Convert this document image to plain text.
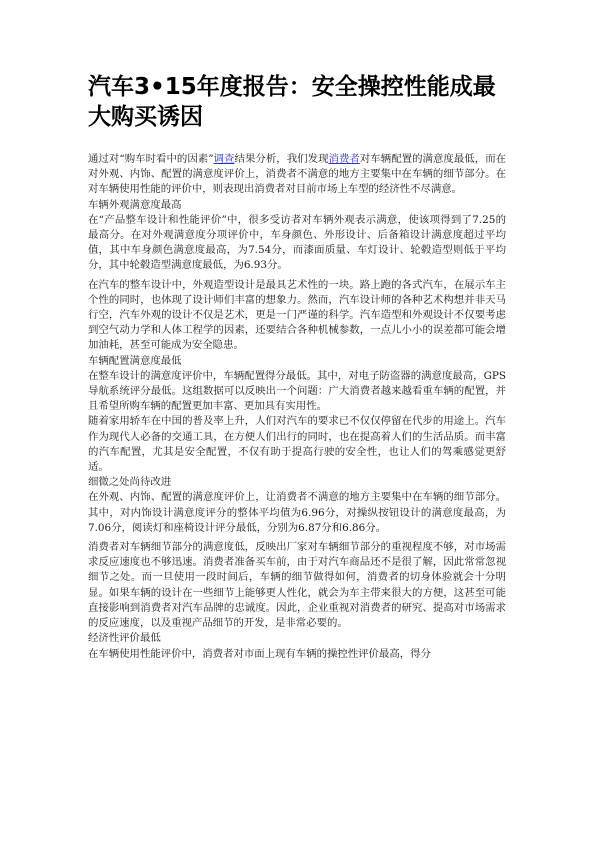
汽车3•15年度报告：安全操控性能成最大购买诱因

通过对“购车时看中的因素”调查结果分析，我们发现消费者对车辆配置的满意度最低，而在对外观、内饰、配置的满意度评价上，消费者不满意的地方主要集中在车辆的细节部分。在对车辆使用性能的评价中，则表现出消费者对目前市场上车型的经济性不尽满意。

车辆外观满意度最高

在“产品整车设计和性能评价”中，很多受访者对车辆外观表示满意，使该项得到了7.25的最高分。在对外观满意度分项评价中，车身颜色、外形设计、后备箱设计满意度超过平均值，其中车身颜色满意度最高，为7.54分，而漆面质量、车灯设计、轮毂造型则低于平均分，其中轮毂造型满意度最低，为6.93分。

在汽车的整车设计中，外观造型设计是最具艺术性的一块。路上跑的各式汽车，在展示车主个性的同时，也体现了设计师们丰富的想象力。然而，汽车设计师的各种艺术构想并非天马行空，汽车外观的设计不仅是艺术，更是一门严谨的科学。汽车造型和外观设计不仅要考虑到空气动力学和人体工程学的因素，还要结合各种机械参数，一点儿小小的误差都可能会增加油耗，甚至可能成为安全隐患。

车辆配置满意度最低

在整车设计的满意度评价中，车辆配置得分最低。其中，对电子防盗器的满意度最高，GPS导航系统评分最低。这组数据可以反映出一个问题：广大消费者越来越看重车辆的配置，并且希望所购车辆的配置更加丰富、更加具有实用性。

随着家用轿车在中国的普及率上升，人们对汽车的要求已不仅仅停留在代步的用途上。汽车作为现代人必备的交通工具，在方便人们出行的同时，也在提高着人们的生活品质。而丰富的汽车配置，尤其是安全配置，不仅有助于提高行驶的安全性，也让人们的驾乘感觉更舒适。

细微之处尚待改进

在外观、内饰、配置的满意度评价上，让消费者不满意的地方主要集中在车辆的细节部分。其中，对内饰设计满意度评分的整体平均值为6.96分，对操纵按钮设计的满意度最高，为7.06分，阅读灯和座椅设计评分最低，分别为6.87分和6.86分。

消费者对车辆细节部分的满意度低，反映出厂家对车辆细节部分的重视程度不够，对市场需求反应速度也不够迅速。消费者准备买车前，由于对汽车商品还不是很了解，因此常常忽视细节之处。而一旦使用一段时间后，车辆的细节做得如何，消费者的切身体验就会十分明显。如果车辆的设计在一些细节上能够更人性化，就会为车主带来很大的方便，这甚至可能直接影响到消费者对汽车品牌的忠诚度。因此，企业重视对消费者的研究、提高对市场需求的反应速度，以及重视产品细节的开发，是非常必要的。

经济性评价最低

在车辆使用性能评价中，消费者对市面上现有车辆的操控性评价最高，得分
